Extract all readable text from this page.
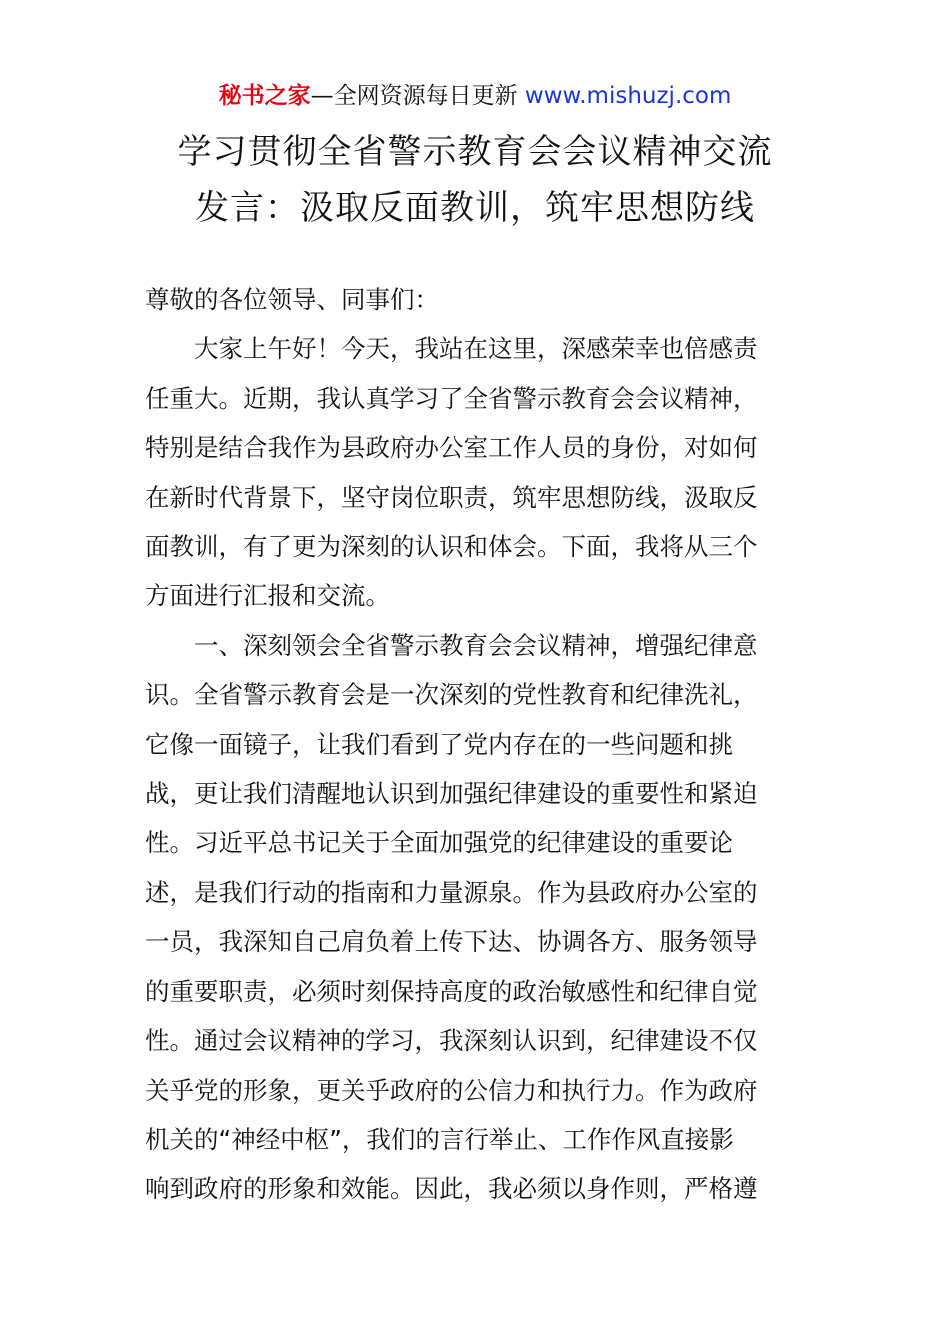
秘书之家—全网资源每日更新 www.mishuzj.com
学习贯彻全省警示教育会会议精神交流
发言：汲取反面教训，筑牢思想防线

尊敬的各位领导、同事们：

大家上午好！今天，我站在这里，深感荣幸也倍感责
任重大。近期，我认真学习了全省警示教育会会议精神，
特别是结合我作为县政府办公室工作人员的身份，对如何
在新时代背景下，坚守岗位职责，筑牢思想防线，汲取反
面教训，有了更为深刻的认识和体会。下面，我将从三个
方面进行汇报和交流。

一、深刻领会全省警示教育会会议精神，增强纪律意
识。全省警示教育会是一次深刻的党性教育和纪律洗礼，
它像一面镜子，让我们看到了党内存在的一些问题和挑
战，更让我们清醒地认识到加强纪律建设的重要性和紧迫
性。习近平总书记关于全面加强党的纪律建设的重要论
述，是我们行动的指南和力量源泉。作为县政府办公室的
一员，我深知自己肩负着上传下达、协调各方、服务领导
的重要职责，必须时刻保持高度的政治敏感性和纪律自觉
性。通过会议精神的学习，我深刻认识到，纪律建设不仅
关乎党的形象，更关乎政府的公信力和执行力。作为政府
机关的“神经中枢”，我们的言行举止、工作作风直接影
响到政府的形象和效能。因此，我必须以身作则，严格遵
